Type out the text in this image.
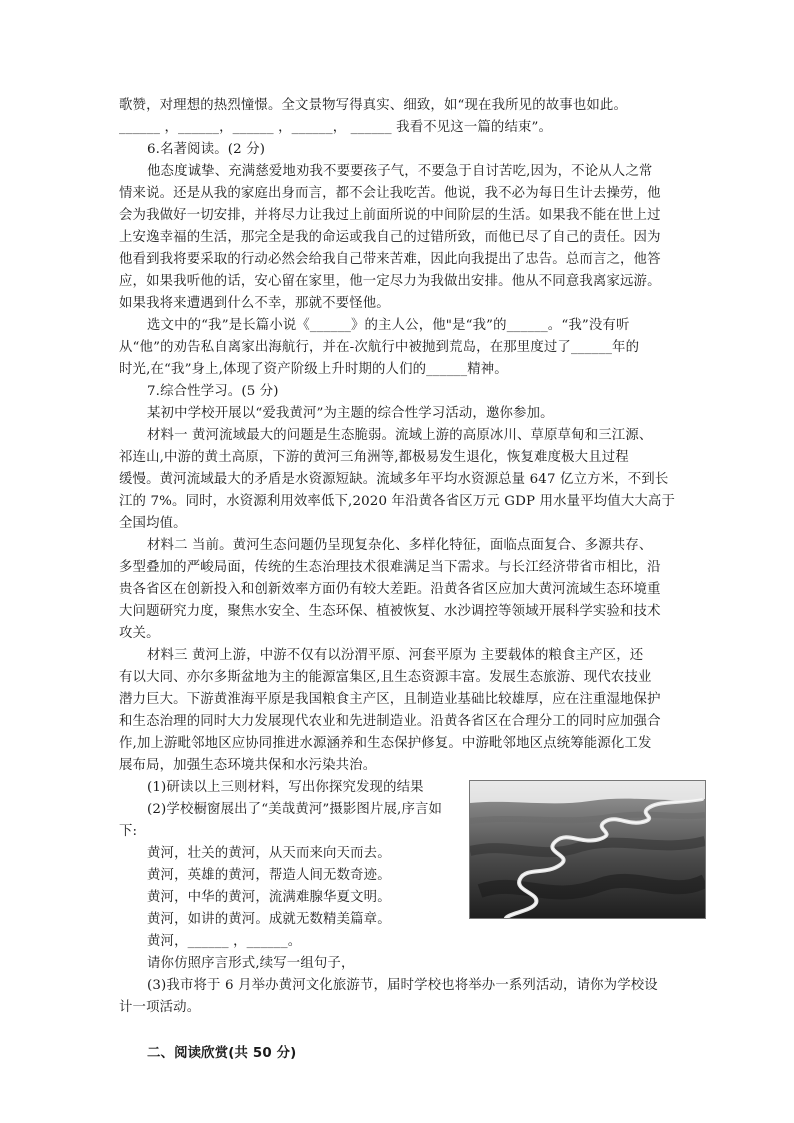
歌赞，对理想的热烈憧憬。全文景物写得真实、细致，如“现在我所见的故事也如此。
______ ，______，______ ，______， ______ 我看不见这一篇的结束”。
6.名著阅读。(2 分)
他态度诚挚、充满慈爱地劝我不要要孩子气，不要急于自讨苦吃,因为，不论从人之常
情来说。还是从我的家庭出身而言，都不会让我吃苦。他说，我不必为每日生计去操劳，他
会为我做好一切安排，并将尽力让我过上前面所说的中间阶层的生活。如果我不能在世上过
上安逸幸福的生活，那完全是我的命运或我自己的过错所致，而他已尽了自己的责任。因为
他看到我将要采取的行动必然会给我自己带来苦难，因此向我提出了忠告。总而言之，他答
应，如果我听他的话，安心留在家里，他一定尽力为我做出安排。他从不同意我离家远游。
如果我将来遭遇到什么不幸，那就不要怪他。
选文中的“我”是长篇小说《______》的主人公，他"是“我”的______。“我”没有听
从“他”的劝告私自离家出海航行，并在-次航行中被抛到荒岛，在那里度过了______年的
时光,在“我”身上,体现了资产阶级上升时期的人们的______精神。
7.综合性学习。(5 分)
某初中学校开展以“爱我黄河”为主题的综合性学习活动，邀你参加。
材料一 黄河流域最大的问题是生态脆弱。流域上游的高原冰川、草原草甸和三江源、
祁连山,中游的黄土高原，下游的黄河三角洲等,都极易发生退化，恢复难度极大且过程
缓慢。黄河流域最大的矛盾是水资源短缺。流域多年平均水资源总量 647 亿立方米，不到长
江的 7%。同时，水资源利用效率低下,2020 年沿黄各省区万元 GDP 用水量平均值大大高于
全国均值。
材料二 当前。黄河生态问题仍呈现复杂化、多样化特征，面临点面复合、多源共存、
多型叠加的严峻局面，传统的生态治理技术很难满足当下需求。与长江经济带省市相比，沿
贵各省区在创新投入和创新效率方面仍有较大差距。沿黄各省区应加大黄河流域生态环境重
大问题研究力度，聚焦水安全、生态环保、植被恢复、水沙调控等领域开展科学实验和技术
攻关。
材料三 黄河上游，中游不仅有以汾渭平原、河套平原为 主要载体的粮食主产区，还
有以大同、亦尔多斯盆地为主的能源富集区,且生态资源丰富。发展生态旅游、现代农技业
潜力巨大。下游黄淮海平原是我国粮食主产区，且制造业基础比较雄厚，应在注重湿地保护
和生态治理的同时大力发展现代农业和先进制造业。沿黄各省区在合理分工的同时应加强合
作,加上游毗邻地区应协同推进水源涵养和生态保护修复。中游毗邻地区点统筹能源化工发
展布局，加强生态环境共保和水污染共治。
(1)研读以上三则材料，写出你探究发现的结果
(2)学校橱窗展出了“美哉黄河”摄影图片展,序言如
下:
黄河，壮关的黄河，从天而来向天而去。
黄河，英雄的黄河，帮造人间无数奇迹。
黄河，中华的黄河，流满难腺华夏文明。
黄河，如讲的黄河。成就无数精美篇章。
黄河，______ ，______。
请你仿照序言形式,续写一组句子，
(3)我市将于 6 月举办黄河文化旅游节，届时学校也将举办一系列活动，请你为学校设
计一项活动。
二、阅读欣赏(共 50 分)
